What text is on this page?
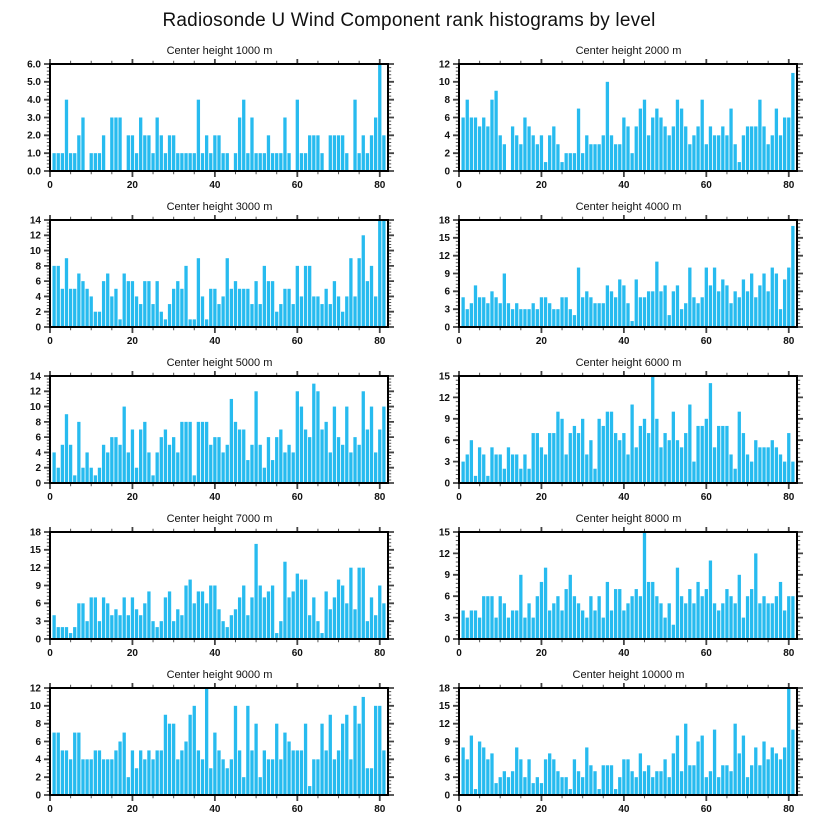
Radiosonde U Wind Component rank histograms by level
Center height 1000 m
0.0
1.0
2.0
3.0
4.0
5.0
6.0
0	20	40	60	80
Center height 2000 m
0
2
4
6
8
10
12
0	20	40	60	80
Center height 3000 m
0
2
4
6
8
10
12
14
0	20	40	60	80
Center height 4000 m
0
3
6
9
12
15
18
0	20	40	60	80
Center height 5000 m
0
2
4
6
8
10
12
14
0	20	40	60	80
Center height 6000 m
0
3
6
9
12
15
0	20	40	60	80
Center height 7000 m
0
3
6
9
12
15
18
0	20	40	60	80
Center height 8000 m
0
3
6
9
12
15
0	20	40	60	80
Center height 9000 m
0
2
4
6
8
10
12
0	20	40	60	80
Center height 10000 m
0
3
6
9
12
15
18
0	20	40	60	80
